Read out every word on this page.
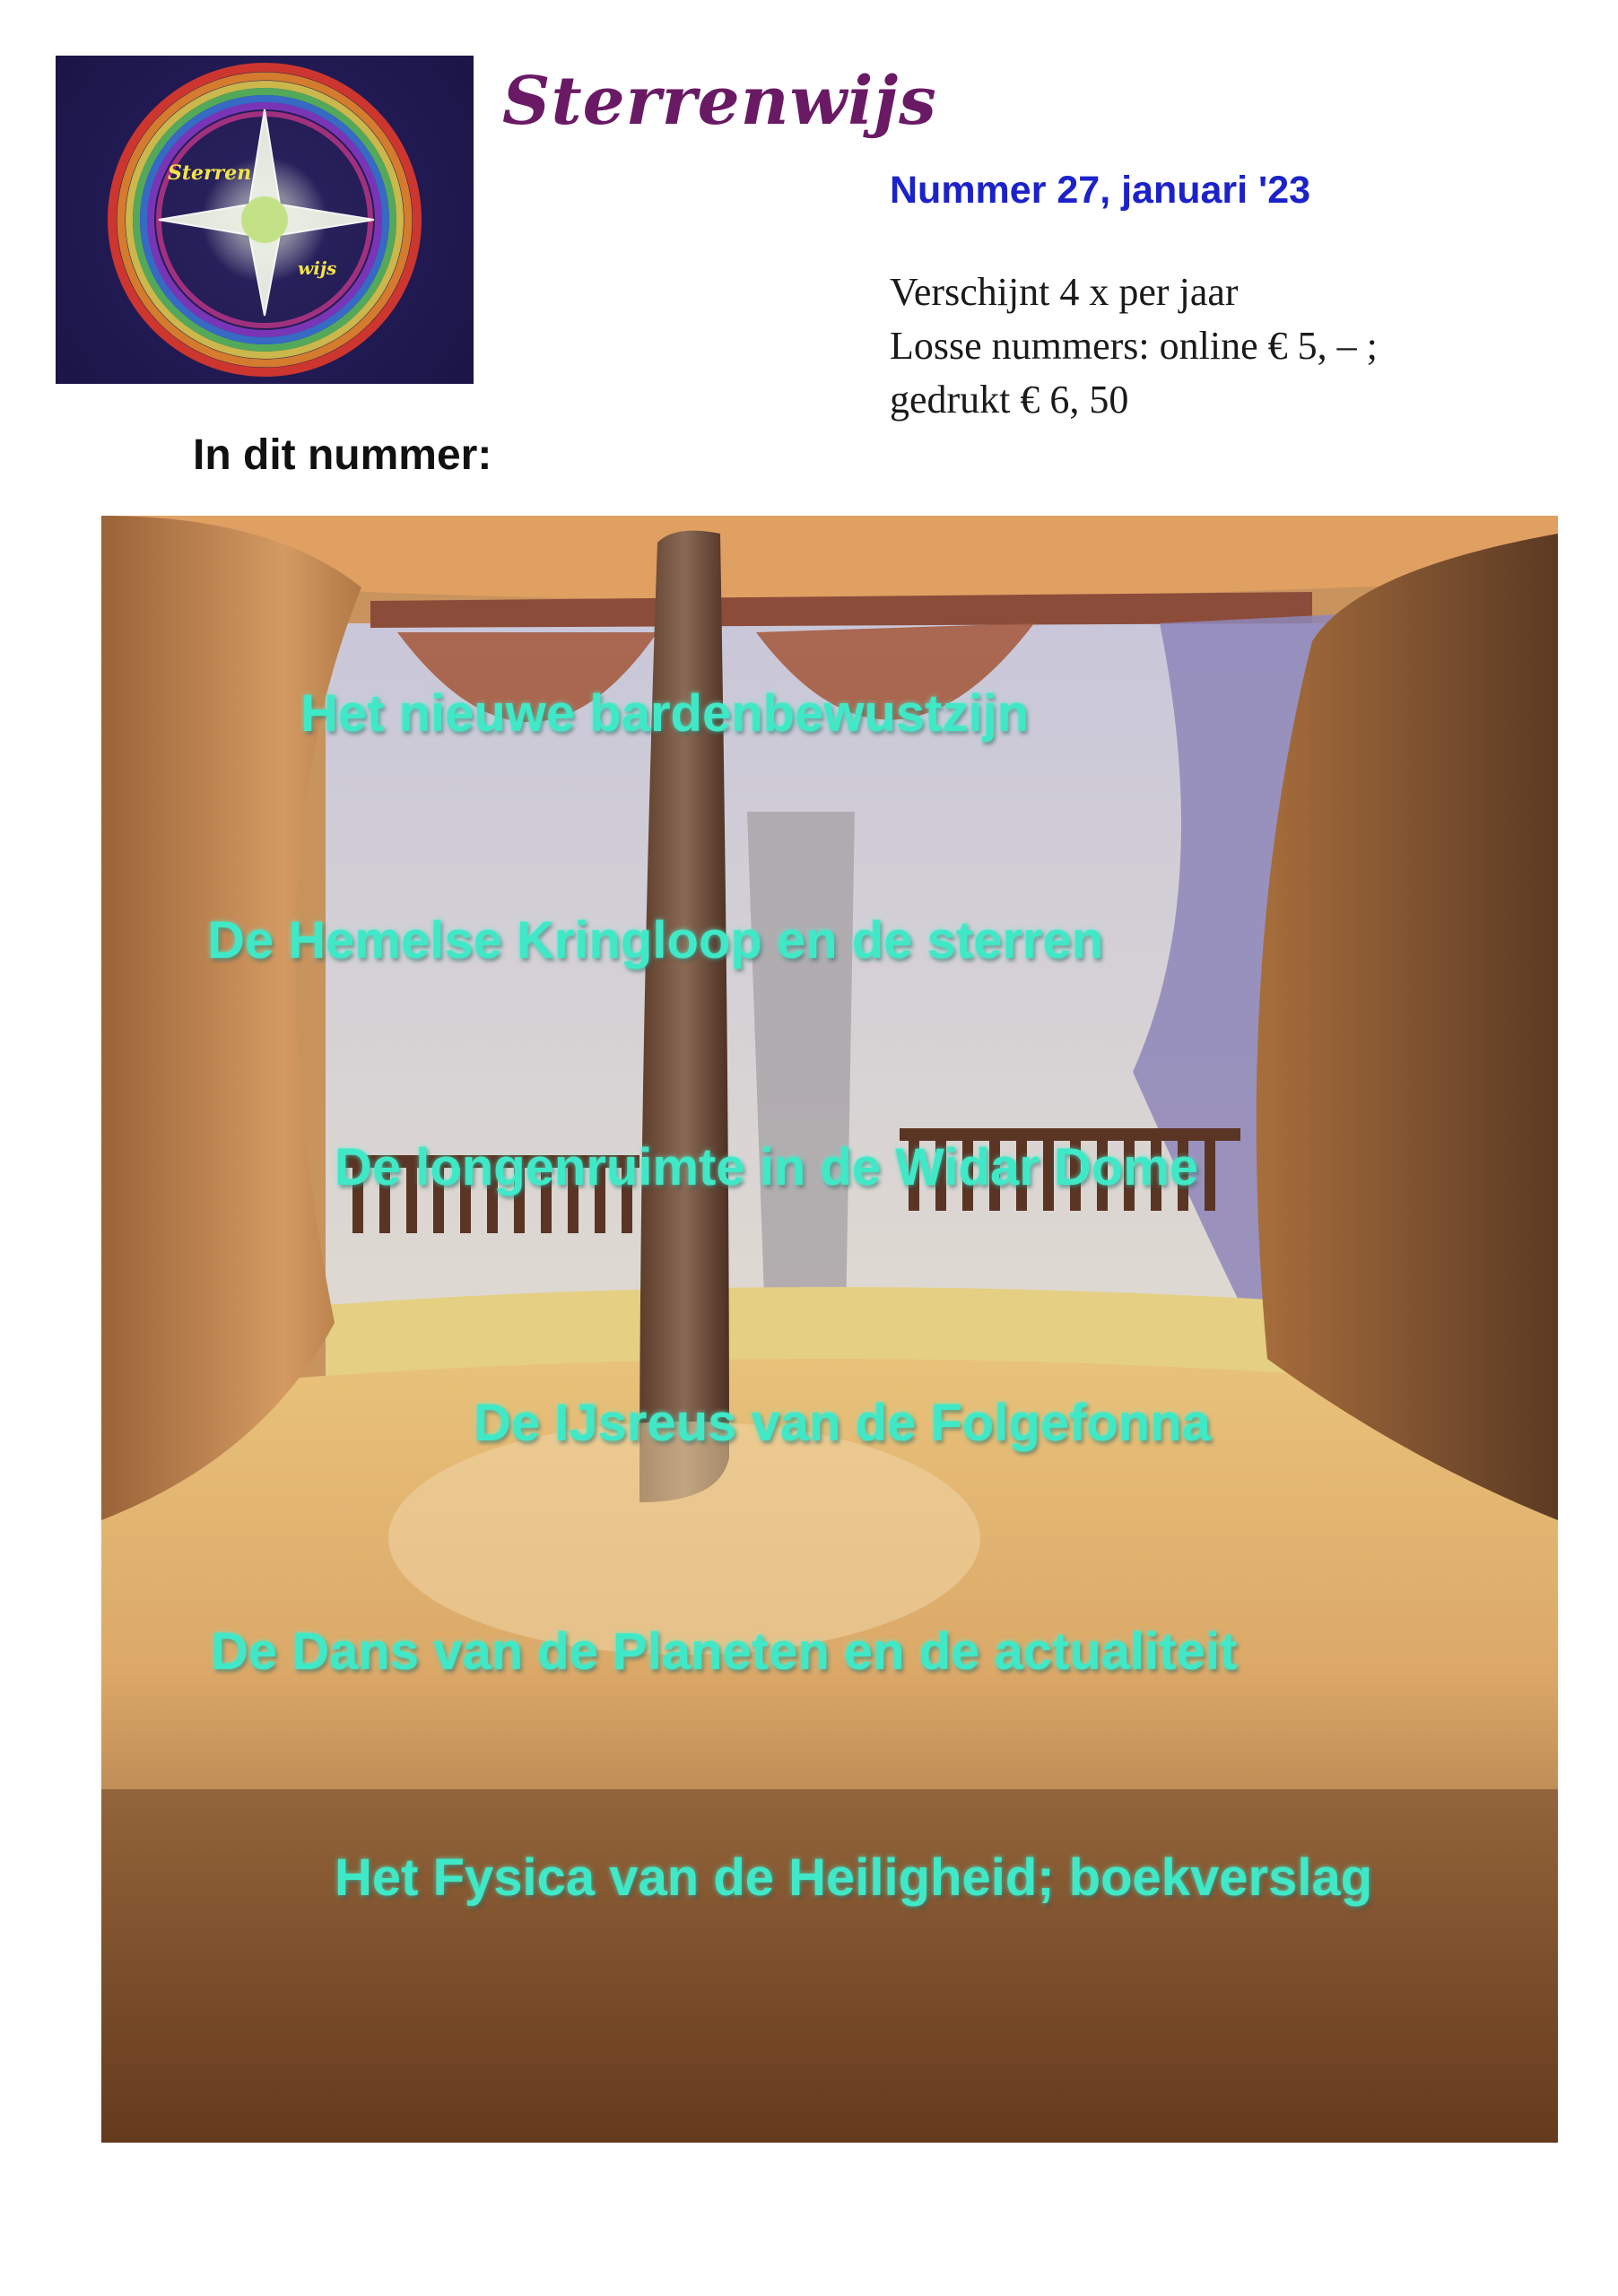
Sterren
wijs
Sterrenwijs
Nummer 27, januari '23
Verschijnt 4 x per jaar
Losse nummers: online € 5, – ;
gedrukt € 6, 50
In dit nummer:
Het nieuwe bardenbewustzijn
De Hemelse Kringloop en de sterren
De longenruimte in de Widar Dome
De IJsreus van de Folgefonna
De Dans van de Planeten en de actualiteit
Het Fysica van de Heiligheid; boekverslag
